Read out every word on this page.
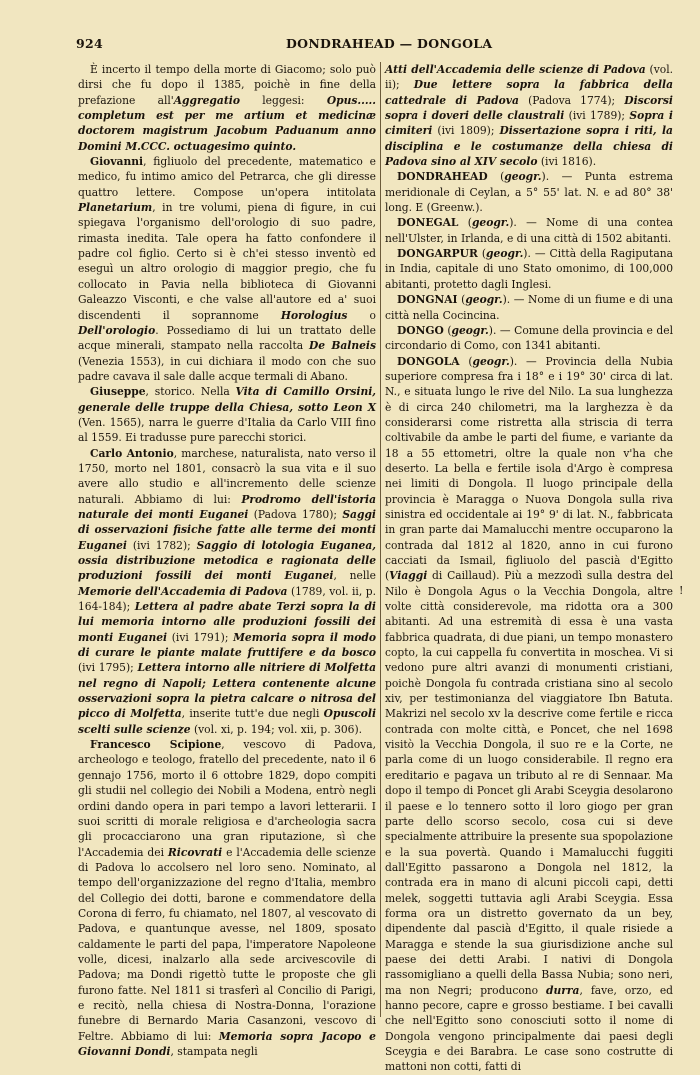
924	DONDRAHEAD — DONGOLA

È incerto il tempo della morte di Giacomo; solo può dirsi che fu dopo il 1385, poichè in fine della prefazione all'Aggregatio leggesi: Opus..... completum est per me artium et medicinæ doctorem magistrum Jacobum Paduanum anno Domini M.CCC. octuagesimo quinto.

Giovanni, figliuolo del precedente, matematico e medico, fu intimo amico del Petrarca, che gli diresse quattro lettere. Compose un'opera intitolata Planetarium, in tre volumi, piena di figure, in cui spiegava l'organismo dell'orologio di suo padre, rimasta inedita. Tale opera ha fatto confondere il padre col figlio. Certo si è ch'ei stesso inventò ed eseguì un altro orologio di maggior pregio, che fu collocato in Pavia nella biblioteca di Giovanni Galeazzo Visconti, e che valse all'autore ed a' suoi discendenti il soprannome Horologius o Dell'orologio. Possediamo di lui un trattato delle acque minerali, stampato nella raccolta De Balneis (Venezia 1553), in cui dichiara il modo con che suo padre cavava il sale dalle acque termali di Abano.

Giuseppe, storico. Nella Vita di Camillo Orsini, generale delle truppe della Chiesa, sotto Leon X (Ven. 1565), narra le guerre d'Italia da Carlo VIII fino al 1559. Ei tradusse pure parecchi storici.

Carlo Antonio, marchese, naturalista, nato verso il 1750, morto nel 1801, consacrò la sua vita e il suo avere allo studio e all'incremento delle scienze naturali. Abbiamo di lui: Prodromo dell'istoria naturale dei monti Euganei (Padova 1780); Saggi di osservazioni fisiche fatte alle terme dei monti Euganei (ivi 1782); Saggio di lotologia Euganea, ossia distribuzione metodica e ragionata delle produzioni fossili dei monti Euganei, nelle Memorie dell'Accademia di Padova (1789, vol. ii, p. 164-184); Lettera al padre abate Terzi sopra la di lui memoria intorno alle produzioni fossili dei monti Euganei (ivi 1791); Memoria sopra il modo di curare le piante malate fruttifere e da bosco (ivi 1795); Lettera intorno alle nitriere di Molfetta nel regno di Napoli; Lettera contenente alcune osservazioni sopra la pietra calcare o nitrosa del picco di Molfetta, inserite tutt'e due negli Opuscoli scelti sulle scienze (vol. xi, p. 194; vol. xii, p. 306).

Francesco Scipione, vescovo di Padova, archeologo e teologo, fratello del precedente, nato il 6 gennajo 1756, morto il 6 ottobre 1829, dopo compiti gli studii nel collegio dei Nobili a Modena, entrò negli ordini dando opera in pari tempo a lavori letterarii. I suoi scritti di morale religiosa e d'archeologia sacra gli procacciarono una gran riputazione, sì che l'Accademia dei Ricovrati e l'Accademia delle scienze di Padova lo accolsero nel loro seno. Nominato, al tempo dell'organizzazione del regno d'Italia, membro del Collegio dei dotti, barone e commendatore della Corona di ferro, fu chiamato, nel 1807, al vescovato di Padova, e quantunque avesse, nel 1809, sposato caldamente le parti del papa, l'imperatore Napoleone volle, dicesi, inalzarlo alla sede arcivescovile di Padova; ma Dondi rigettò tutte le proposte che gli furono fatte. Nel 1811 si trasferì al Concilio di Parigi, e recitò, nella chiesa di Nostra-Donna, l'orazione funebre di Bernardo Maria Casanzoni, vescovo di Feltre. Abbiamo di lui: Memoria sopra Jacopo e Giovanni Dondi, stampata negli

Atti dell'Accademia delle scienze di Padova (vol. ii); Due lettere sopra la fabbrica della cattedrale di Padova (Padova 1774); Discorsi sopra i doveri delle claustrali (ivi 1789); Sopra i cimiteri (ivi 1809); Dissertazione sopra i riti, la disciplina e le costumanze della chiesa di Padova sino al XIV secolo (ivi 1816).

DONDRAHEAD (geogr.). — Punta estrema meridionale di Ceylan, a 5° 55' lat. N. e ad 80° 38' long. E (Greenw.).

DONEGAL (geogr.). — Nome di una contea nell'Ulster, in Irlanda, e di una città di 1502 abitanti.

DONGARPUR (geogr.). — Città della Ragiputana in India, capitale di uno Stato omonimo, di 100,000 abitanti, protetto dagli Inglesi.

DONGNAI (geogr.). — Nome di un fiume e di una città nella Cocincina.

DONGO (geogr.). — Comune della provincia e del circondario di Como, con 1341 abitanti.

DONGOLA (geogr.). — Provincia della Nubia superiore compresa fra i 18° e i 19° 30' circa di lat. N., e situata lungo le rive del Nilo. La sua lunghezza è di circa 240 chilometri, ma la larghezza è da considerarsi come ristretta alla striscia di terra coltivabile da ambe le parti del fiume, e variante da 18 a 55 ettometri, oltre la quale non v'ha che deserto. La bella e fertile isola d'Argo è compresa nei limiti di Dongola. Il luogo principale della provincia è Maragga o Nuova Dongola sulla riva sinistra ed occidentale ai 19° 9' di lat. N., fabbricata in gran parte dai Mamalucchi mentre occuparono la contrada dal 1812 al 1820, anno in cui furono cacciati da Ismail, figliuolo del pascià d'Egitto (Viaggi di Caillaud). Più a mezzodì sulla destra del Nilo è Dongola Agus o la Vecchia Dongola, altre volte città considerevole, ma ridotta ora a 300 abitanti. Ad una estremità di essa è una vasta fabbrica quadrata, di due piani, un tempo monastero copto, la cui cappella fu convertita in moschea. Vi si vedono pure altri avanzi di monumenti cristiani, poichè Dongola fu contrada cristiana sino al secolo xiv, per testimonianza del viaggiatore Ibn Batuta. Makrizi nel secolo xv la descrive come fertile e ricca contrada con molte città, e Poncet, che nel 1698 visitò la Vecchia Dongola, il suo re e la Corte, ne parla come di un luogo considerabile. Il regno era ereditario e pagava un tributo al re di Sennaar. Ma dopo il tempo di Poncet gli Arabi Sceygia desolarono il paese e lo tennero sotto il loro giogo per gran parte dello scorso secolo, cosa cui si deve specialmente attribuire la presente sua spopolazione e la sua povertà. Quando i Mamalucchi fuggiti dall'Egitto passarono a Dongola nel 1812, la contrada era in mano di alcuni piccoli capi, detti melek, soggetti tuttavia agli Arabi Sceygia. Essa forma ora un distretto governato da un bey, dipendente dal pascià d'Egitto, il quale risiede a Maragga e stende la sua giurisdizione anche sul paese dei detti Arabi. I nativi di Dongola rassomigliano a quelli della Bassa Nubia; sono neri, ma non Negri; producono durra, fave, orzo, ed hanno pecore, capre e grosso bestiame. I bei cavalli che nell'Egitto sono conosciuti sotto il nome di Dongola vengono principalmente dai paesi degli Sceygia e dei Barabra. Le case sono costrutte di mattoni non cotti, fatti di

!
